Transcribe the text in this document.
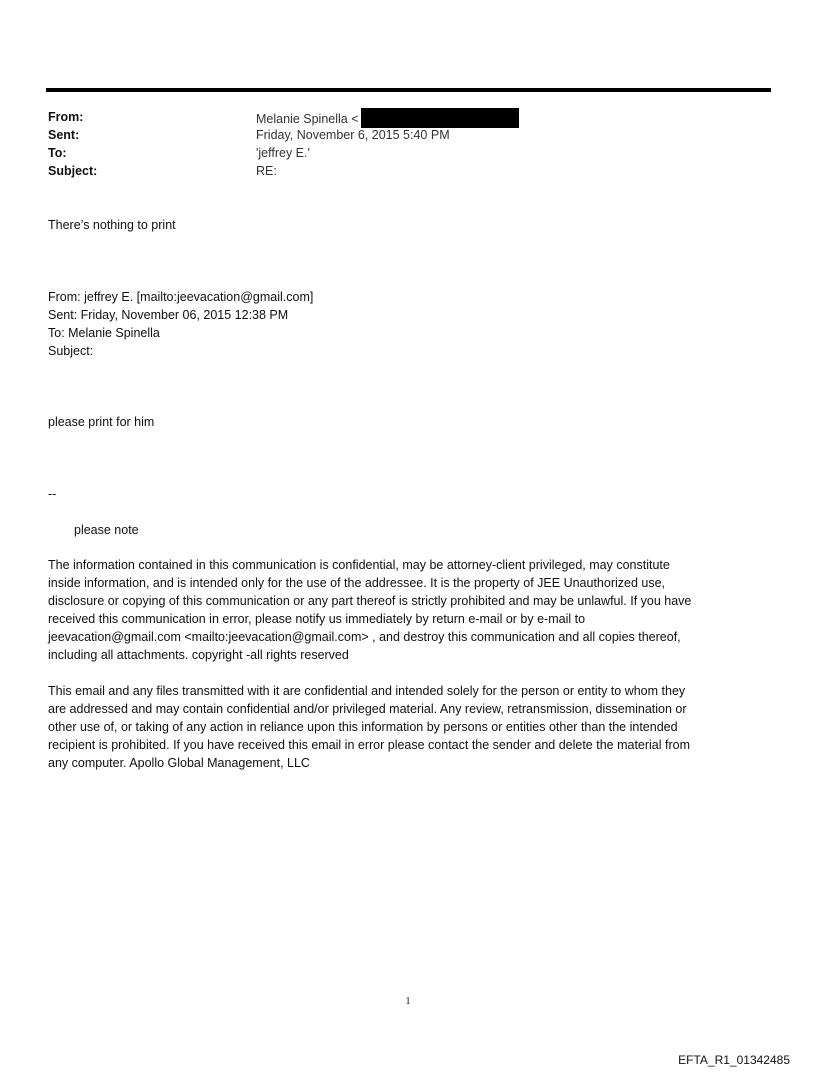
From:	Melanie Spinella <
Sent:	Friday, November 6, 2015 5:40 PM
To:	'jeffrey E.'
Subject:	RE:
There’s nothing to print
From: jeffrey E. [mailto:jeevacation@gmail.com]
Sent: Friday, November 06, 2015 12:38 PM
To: Melanie Spinella
Subject:
please print for him
--
please note
The information contained in this communication is confidential, may be attorney-client privileged, may constitute
inside information, and is intended only for the use of the addressee. It is the property of JEE Unauthorized use,
disclosure or copying of this communication or any part thereof is strictly prohibited and may be unlawful. If you have
received this communication in error, please notify us immediately by return e-mail or by e-mail to
jeevacation@gmail.com <mailto:jeevacation@gmail.com> , and destroy this communication and all copies thereof,
including all attachments. copyright -all rights reserved
This email and any files transmitted with it are confidential and intended solely for the person or entity to whom they
are addressed and may contain confidential and/or privileged material. Any review, retransmission, dissemination or
other use of, or taking of any action in reliance upon this information by persons or entities other than the intended
recipient is prohibited. If you have received this email in error please contact the sender and delete the material from
any computer. Apollo Global Management, LLC
1
EFTA_R1_01342485
